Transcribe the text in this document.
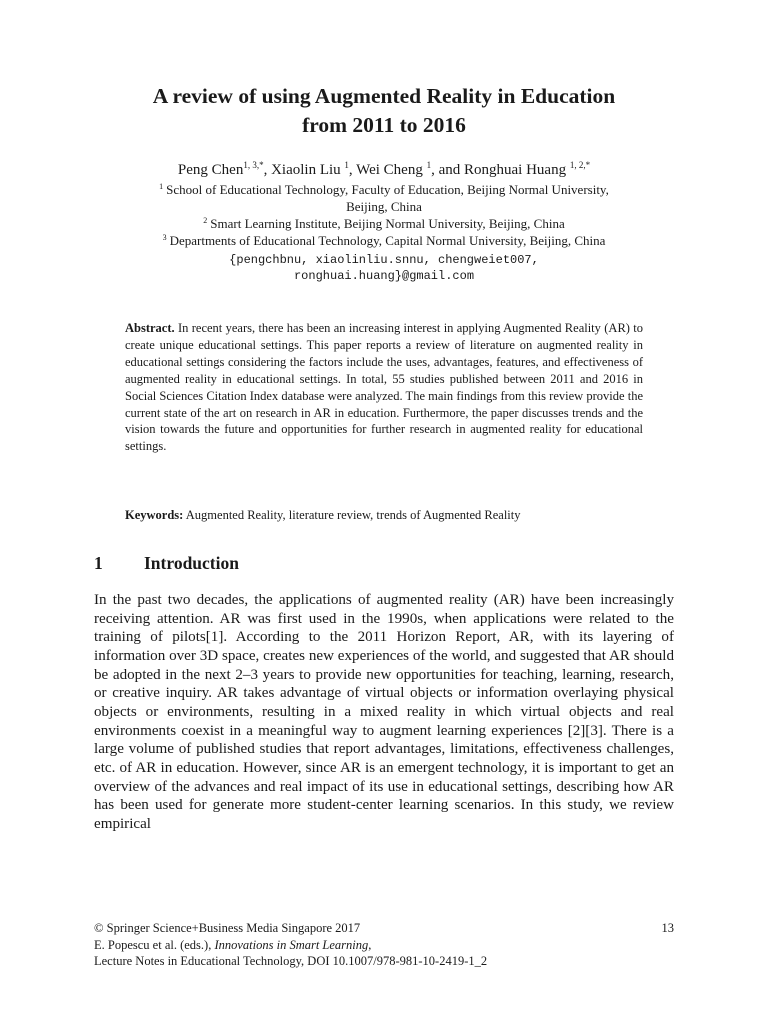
A review of using Augmented Reality in Education
from 2011 to 2016
Peng Chen$^{1, 3,*}$, Xiaolin Liu $^1$, Wei Cheng $^1$, and Ronghuai Huang $^{1, 2,*}$
$^1$ School of Educational Technology, Faculty of Education, Beijing Normal University,
Beijing, China
$^2$ Smart Learning Institute, Beijing Normal University, Beijing, China
$^3$ Departments of Educational Technology, Capital Normal University, Beijing, China
{pengchbnu, xiaolinliu.snnu, chengweiet007,
ronghuai.huang}@gmail.com
Abstract. In recent years, there has been an increasing interest in applying Augmented Reality (AR) to create unique educational settings. This paper reports a review of literature on augmented reality in educational settings considering the factors include the uses, advantages, features, and effectiveness of augmented reality in educational settings. In total, 55 studies published between 2011 and 2016 in Social Sciences Citation Index database were analyzed. The main findings from this review provide the current state of the art on research in AR in education. Furthermore, the paper discusses trends and the vision towards the future and opportunities for further research in augmented reality for educational settings.
Keywords: Augmented Reality, literature review, trends of Augmented Reality
1 Introduction
In the past two decades, the applications of augmented reality (AR) have been increasingly receiving attention. AR was first used in the 1990s, when applications were related to the training of pilots[1]. According to the 2011 Horizon Report, AR, with its layering of information over 3D space, creates new experiences of the world, and suggested that AR should be adopted in the next 2–3 years to provide new opportunities for teaching, learning, research, or creative inquiry. AR takes advantage of virtual objects or information overlaying physical objects or environments, resulting in a mixed reality in which virtual objects and real environments coexist in a meaningful way to augment learning experiences [2][3]. There is a large volume of published studies that report advantages, limitations, effectiveness challenges, etc. of AR in education. However, since AR is an emergent technology, it is important to get an overview of the advances and real impact of its use in educational settings, describing how AR has been used for generate more student-center learning scenarios. In this study, we review empirical
© Springer Science+Business Media Singapore 2017	13
E. Popescu et al. (eds.), Innovations in Smart Learning,
Lecture Notes in Educational Technology, DOI 10.1007/978-981-10-2419-1_2
